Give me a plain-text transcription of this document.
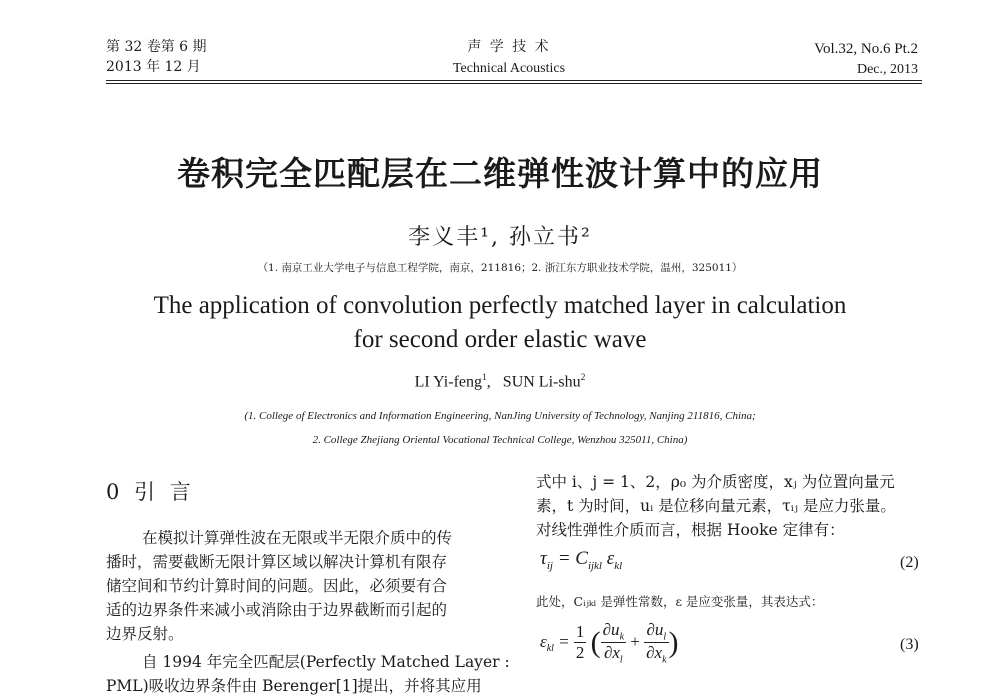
第 32 卷第 6 期
2013 年 12 月
声 学 技 术
Technical Acoustics
Vol.32, No.6 Pt.2
Dec., 2013
卷积完全匹配层在二维弹性波计算中的应用
李义丰¹, 孙立书²
（1. 南京工业大学电子与信息工程学院，南京，211816；2. 浙江东方职业技术学院，温州，325011）
The application of convolution perfectly matched layer in calculation
for second order elastic wave
LI Yi-feng$^1$,   SUN Li-shu$^2$
(1. College of Electronics and Information Engineering, NanJing University of Technology, Nanjing 211816, China;
2. College Zhejiang Oriental Vocational Technical College, Wenzhou 325011, China)
0 引 言
在模拟计算弹性波在无限或半无限介质中的传
播时，需要截断无限计算区域以解决计算机有限存
储空间和节约计算时间的问题。因此，必须要有合
适的边界条件来减小或消除由于边界截断而引起的
边界反射。
自 1994 年完全匹配层(Perfectly Matched Layer :
PML)吸收边界条件由 Berenger[1]提出，并将其应用
式中 i、j = 1、2，ρ₀ 为介质密度，xⱼ 为位置向量元
素，t 为时间，uᵢ 是位移向量元素，τᵢⱼ 是应力张量。
对线性弹性介质而言，根据 Hooke 定律有：
$\tau_{ij} = C_{ijkl}$ $\varepsilon_{kl}$	(2)
此处，Cᵢⱼₖₗ 是弹性常数，ε 是应变张量，其表达式：
$\varepsilon_{kl} = \frac{1}{2}$ ( $\frac{\partial u_k}{\partial x_l} + \frac{\partial u_l}{\partial x_k}$ )	(3)
